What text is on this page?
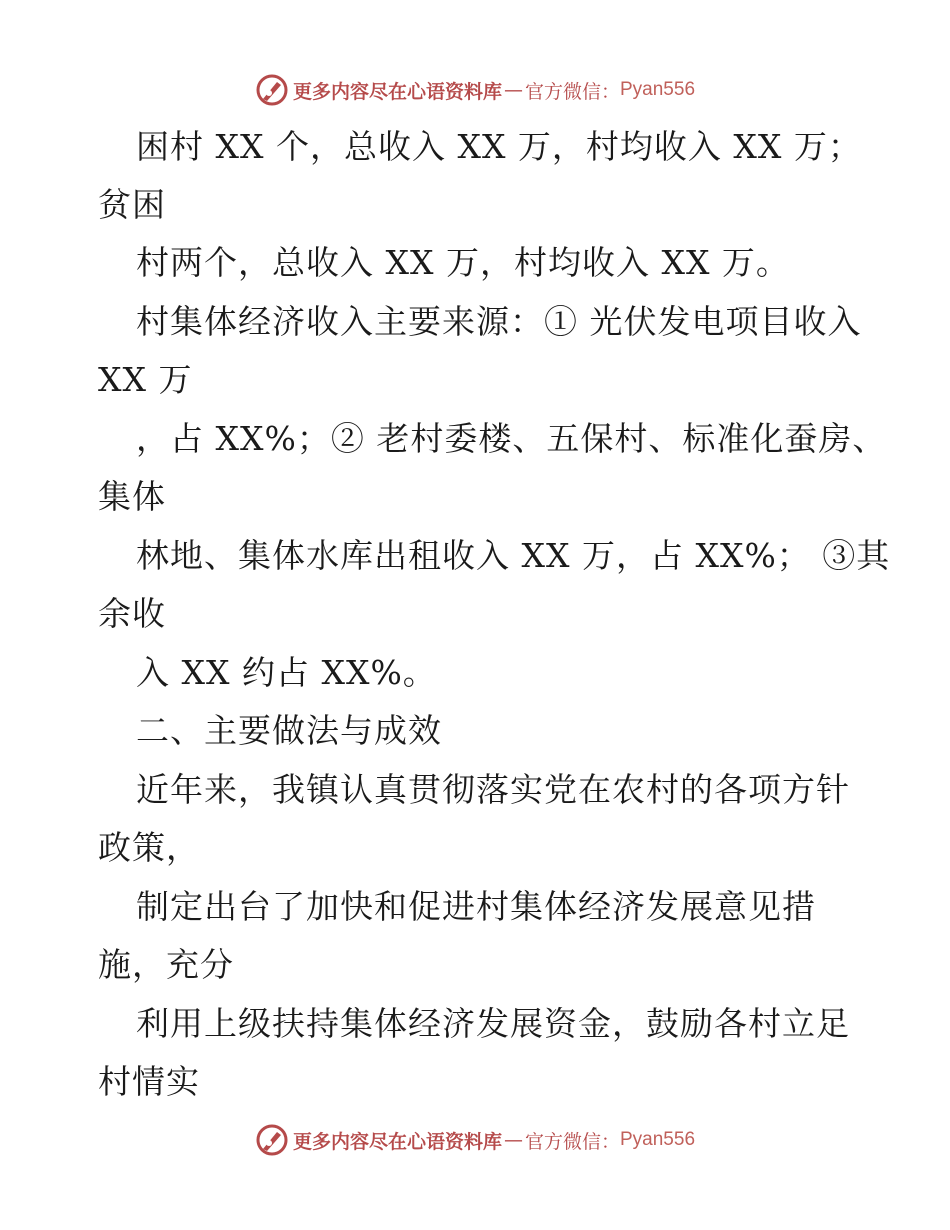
更多内容尽在心语资料库 — 官方微信： Pyan556
困村 XX 个，总收入 XX 万，村均收入 XX 万；
贫困
村两个，总收入 XX 万，村均收入 XX 万。
村集体经济收入主要来源：① 光伏发电项目收入
XX 万
，占 XX%；② 老村委楼、五保村、标准化蚕房、
集体
林地、集体水库出租收入 XX 万，占 XX%； ③其
余收
入 XX 约占 XX%。
二、主要做法与成效
近年来，我镇认真贯彻落实党在农村的各项方针
政策，
制定出台了加快和促进村集体经济发展意见措
施，充分
利用上级扶持集体经济发展资金，鼓励各村立足
村情实
更多内容尽在心语资料库 — 官方微信： Pyan556
